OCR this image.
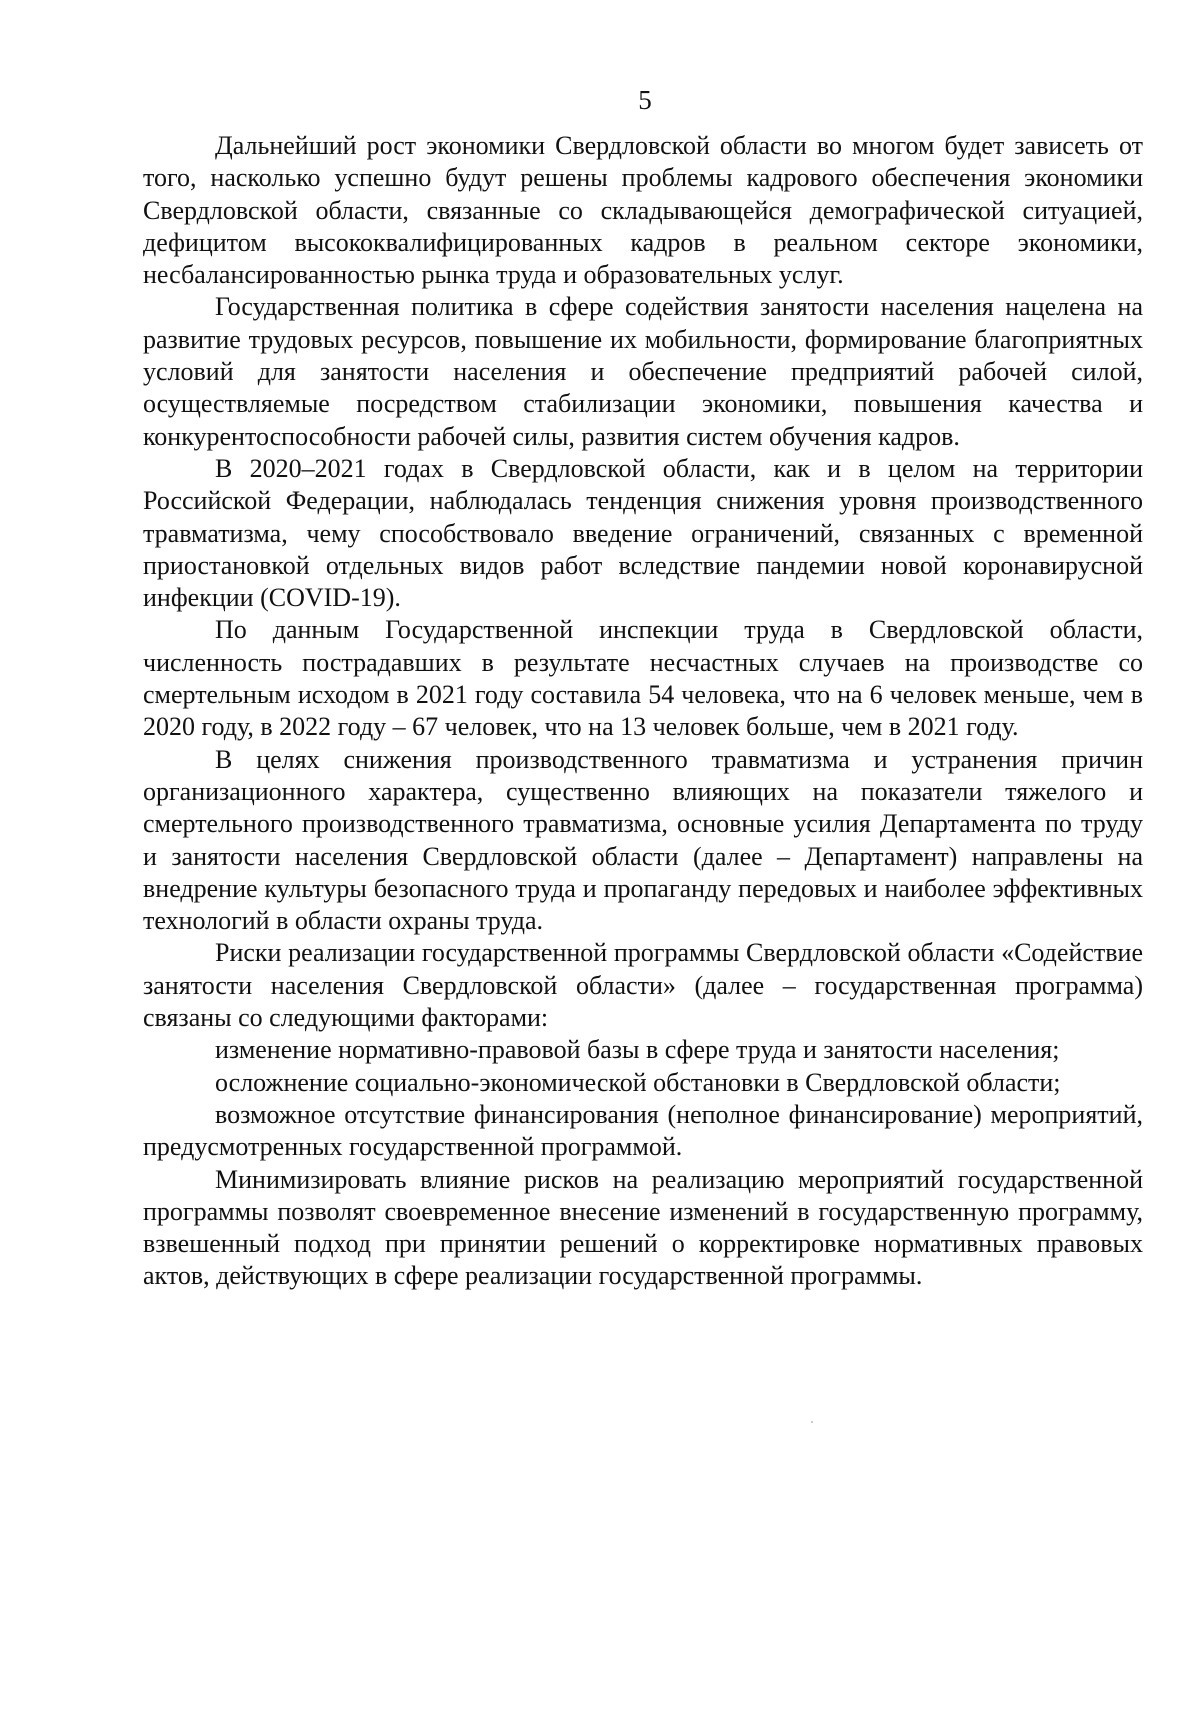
5

Дальнейший рост экономики Свердловской области во многом будет зависеть от того, насколько успешно будут решены проблемы кадрового обеспечения экономики Свердловской области, связанные со складывающейся демографической ситуацией, дефицитом высококвалифицированных кадров в реальном секторе экономики, несбалансированностью рынка труда и образовательных услуг.

Государственная политика в сфере содействия занятости населения нацелена на развитие трудовых ресурсов, повышение их мобильности, формирование благоприятных условий для занятости населения и обеспечение предприятий рабочей силой, осуществляемые посредством стабилизации экономики, повышения качества и конкурентоспособности рабочей силы, развития систем обучения кадров.

В 2020–2021 годах в Свердловской области, как и в целом на территории Российской Федерации, наблюдалась тенденция снижения уровня производственного травматизма, чему способствовало введение ограничений, связанных с временной приостановкой отдельных видов работ вследствие пандемии новой коронавирусной инфекции (COVID-19).

По данным Государственной инспекции труда в Свердловской области, численность пострадавших в результате несчастных случаев на производстве со смертельным исходом в 2021 году составила 54 человека, что на 6 человек меньше, чем в 2020 году, в 2022 году – 67 человек, что на 13 человек больше, чем в 2021 году.

В целях снижения производственного травматизма и устранения причин организационного характера, существенно влияющих на показатели тяжелого и смертельного производственного травматизма, основные усилия Департамента по труду и занятости населения Свердловской области (далее – Департамент) направлены на внедрение культуры безопасного труда и пропаганду передовых и наиболее эффективных технологий в области охраны труда.

Риски реализации государственной программы Свердловской области «Содействие занятости населения Свердловской области» (далее – государственная программа) связаны со следующими факторами:

изменение нормативно-правовой базы в сфере труда и занятости населения;

осложнение социально-экономической обстановки в Свердловской области;

возможное отсутствие финансирования (неполное финансирование) мероприятий, предусмотренных государственной программой.

Минимизировать влияние рисков на реализацию мероприятий государственной программы позволят своевременное внесение изменений в государственную программу, взвешенный подход при принятии решений о корректировке нормативных правовых актов, действующих в сфере реализации государственной программы.
